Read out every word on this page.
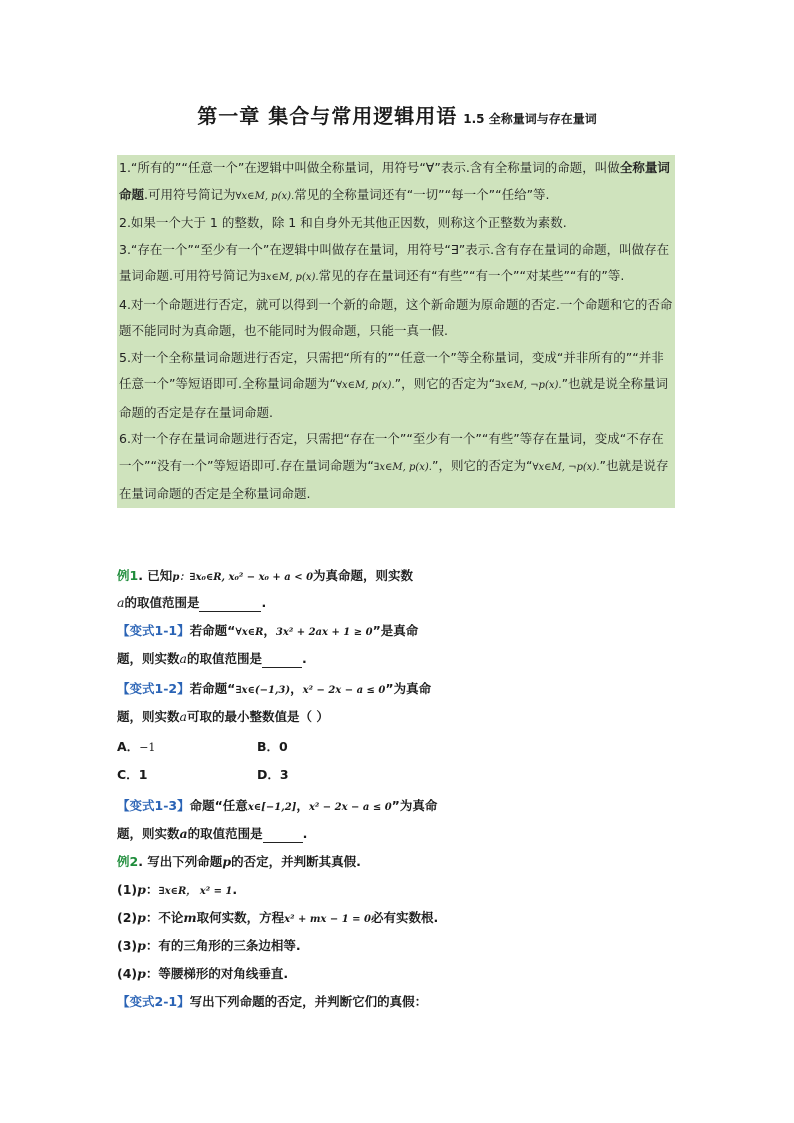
第一章 集合与常用逻辑用语 1.5 全称量词与存在量词

1.“所有的”“任意一个”在逻辑中叫做全称量词，用符号“∀”表示.含有全称量词的命题，叫做全称量词命题.可用符号简记为∀x∈M, p(x).常见的全称量词还有“一切”“每一个”“任给”等.

2.如果一个大于 1 的整数，除 1 和自身外无其他正因数，则称这个正整数为素数.

3.“存在一个”“至少有一个”在逻辑中叫做存在量词，用符号“∃”表示.含有存在量词的命题，叫做存在量词命题.可用符号简记为∃x∈M, p(x).常见的存在量词还有“有些”“有一个”“对某些”“有的”等.

4.对一个命题进行否定，就可以得到一个新的命题，这个新命题为原命题的否定.一个命题和它的否命题不能同时为真命题，也不能同时为假命题，只能一真一假.

5.对一个全称量词命题进行否定，只需把“所有的”“任意一个”等全称量词，变成“并非所有的”“并非任意一个”等短语即可.全称量词命题为“∀x∈M, p(x).”，则它的否定为“∃x∈M, ¬p(x).”也就是说全称量词命题的否定是存在量词命题.

6.对一个存在量词命题进行否定，只需把“存在一个”“至少有一个”“有些”等存在量词，变成“不存在一个”“没有一个”等短语即可.存在量词命题为“∃x∈M, p(x).”，则它的否定为“∀x∈M, ¬p(x).”也就是说存在量词命题的否定是全称量词命题.

例1. 已知p：∃x₀∈R, x₀² − x₀ + a < 0为真命题，则实数
a的取值范围是	.
【变式1-1】若命题“∀x∈R，3x² + 2ax + 1 ≥ 0”是真命
题，则实数a的取值范围是	.
【变式1-2】若命题“∃x∈(−1,3)，x² − 2x − a ≤ 0”为真命
题，则实数a可取的最小整数值是（ ）
A．−1	B．0
C．1	D．3
【变式1-3】命题“任意x∈[−1,2]，x² − 2x − a ≤ 0”为真命
题，则实数a的取值范围是	.
例2. 写出下列命题p的否定，并判断其真假.
(1)p：∃x∈R， x² = 1.
(2)p：不论m取何实数，方程x² + mx − 1 = 0必有实数根.
(3)p：有的三角形的三条边相等.
(4)p：等腰梯形的对角线垂直.
【变式2-1】写出下列命题的否定，并判断它们的真假：
